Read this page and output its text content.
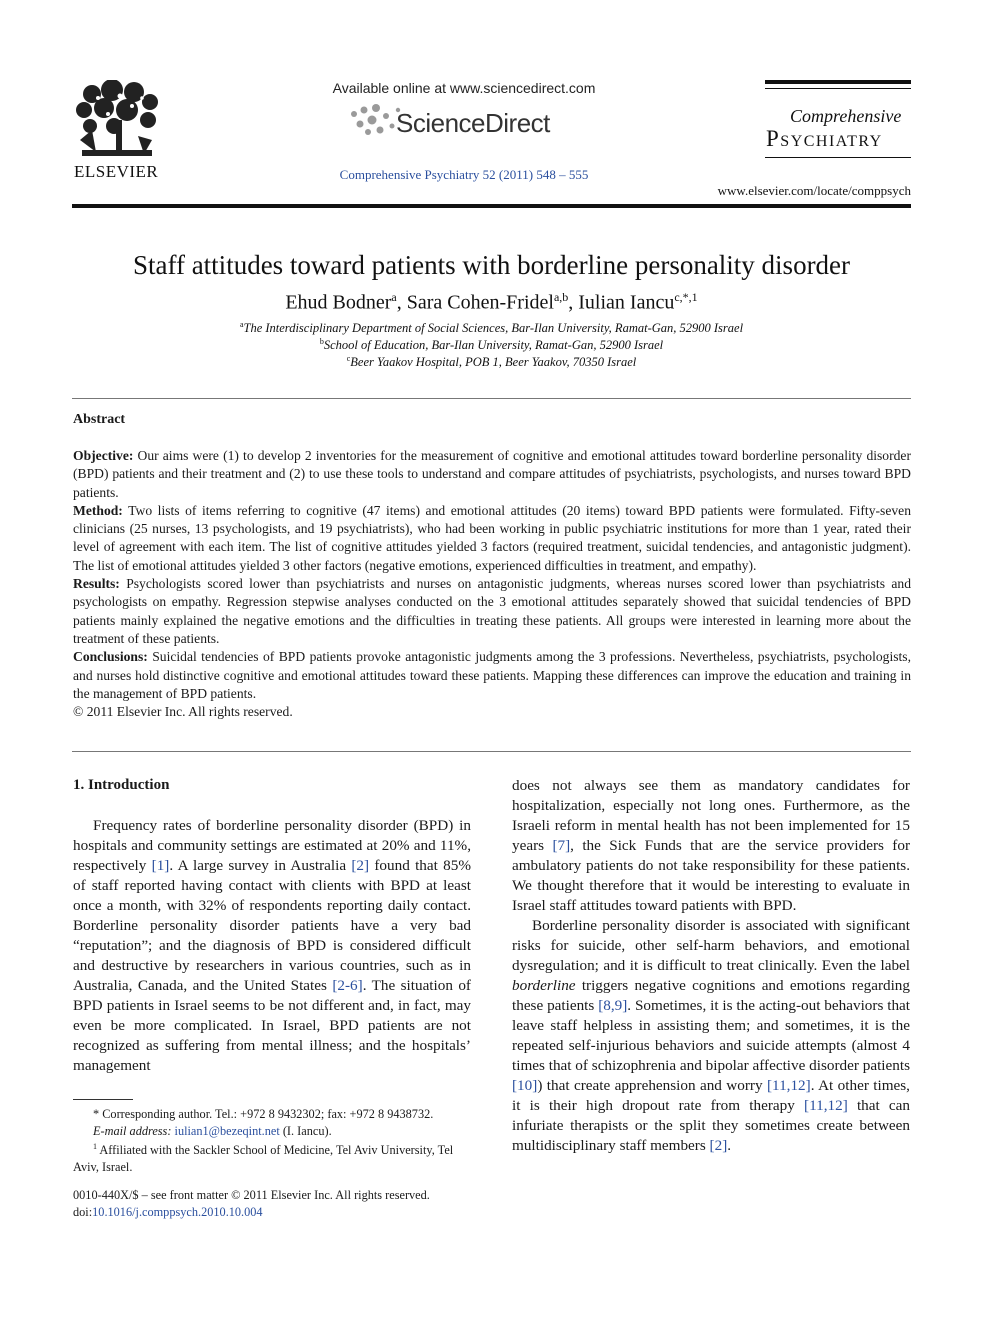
ELSEVIER
Available online at www.sciencedirect.com
ScienceDirect
Comprehensive Psychiatry 52 (2011) 548 – 555
Comprehensive
Psychiatry
www.elsevier.com/locate/comppsych
Staff attitudes toward patients with borderline personality disorder
Ehud Bodner$^a$, Sara Cohen-Fridel$^{a,b}$, Iulian Iancu$^{c,*,1}$
$^a$The Interdisciplinary Department of Social Sciences, Bar-Ilan University, Ramat-Gan, 52900 Israel
$^b$School of Education, Bar-Ilan University, Ramat-Gan, 52900 Israel
$^c$Beer Yaakov Hospital, POB 1, Beer Yaakov, 70350 Israel
Abstract

Objective: Our aims were (1) to develop 2 inventories for the measurement of cognitive and emotional attitudes toward borderline personality disorder (BPD) patients and their treatment and (2) to use these tools to understand and compare attitudes of psychiatrists, psychologists, and nurses toward BPD patients.

Method: Two lists of items referring to cognitive (47 items) and emotional attitudes (20 items) toward BPD patients were formulated. Fifty-seven clinicians (25 nurses, 13 psychologists, and 19 psychiatrists), who had been working in public psychiatric institutions for more than 1 year, rated their level of agreement with each item. The list of cognitive attitudes yielded 3 factors (required treatment, suicidal tendencies, and antagonistic judgment). The list of emotional attitudes yielded 3 other factors (negative emotions, experienced difficulties in treatment, and empathy).

Results: Psychologists scored lower than psychiatrists and nurses on antagonistic judgments, whereas nurses scored lower than psychiatrists and psychologists on empathy. Regression stepwise analyses conducted on the 3 emotional attitudes separately showed that suicidal tendencies of BPD patients mainly explained the negative emotions and the difficulties in treating these patients. All groups were interested in learning more about the treatment of these patients.

Conclusions: Suicidal tendencies of BPD patients provoke antagonistic judgments among the 3 professions. Nevertheless, psychiatrists, psychologists, and nurses hold distinctive cognitive and emotional attitudes toward these patients. Mapping these differences can improve the education and training in the management of BPD patients.

© 2011 Elsevier Inc. All rights reserved.

1. Introduction

Frequency rates of borderline personality disorder (BPD) in hospitals and community settings are estimated at 20% and 11%, respectively [1]. A large survey in Australia [2] found that 85% of staff reported having contact with clients with BPD at least once a month, with 32% of respondents reporting daily contact. Borderline personality disorder patients have a very bad “reputation”; and the diagnosis of BPD is considered difficult and destructive by researchers in various countries, such as in Australia, Canada, and the United States [2-6]. The situation of BPD patients in Israel seems to be not different and, in fact, may even be more complicated. In Israel, BPD patients are not recognized as suffering from mental illness; and the hospitals’ management

does not always see them as mandatory candidates for hospitalization, especially not long ones. Furthermore, as the Israeli reform in mental health has not been implemented for 15 years [7], the Sick Funds that are the service providers for ambulatory patients do not take responsibility for these patients. We thought therefore that it would be interesting to evaluate in Israel staff attitudes toward patients with BPD.

Borderline personality disorder is associated with significant risks for suicide, other self-harm behaviors, and emotional dysregulation; and it is difficult to treat clinically. Even the label borderline triggers negative cognitions and emotions regarding these patients [8,9]. Sometimes, it is the acting-out behaviors that leave staff helpless in assisting them; and sometimes, it is the repeated self-injurious behaviors and suicide attempts (almost 4 times that of schizophrenia and bipolar affective disorder patients [10]) that create apprehension and worry [11,12]. At other times, it is their high dropout rate from therapy [11,12] that can infuriate therapists or the split they sometimes create between multidisciplinary staff members [2].

* Corresponding author. Tel.: +972 8 9432302; fax: +972 8 9438732.

E-mail address: iulian1@bezeqint.net (I. Iancu).

$^1$ Affiliated with the Sackler School of Medicine, Tel Aviv University, Tel Aviv, Israel.

0010-440X/$ – see front matter © 2011 Elsevier Inc. All rights reserved.

doi:10.1016/j.comppsych.2010.10.004
